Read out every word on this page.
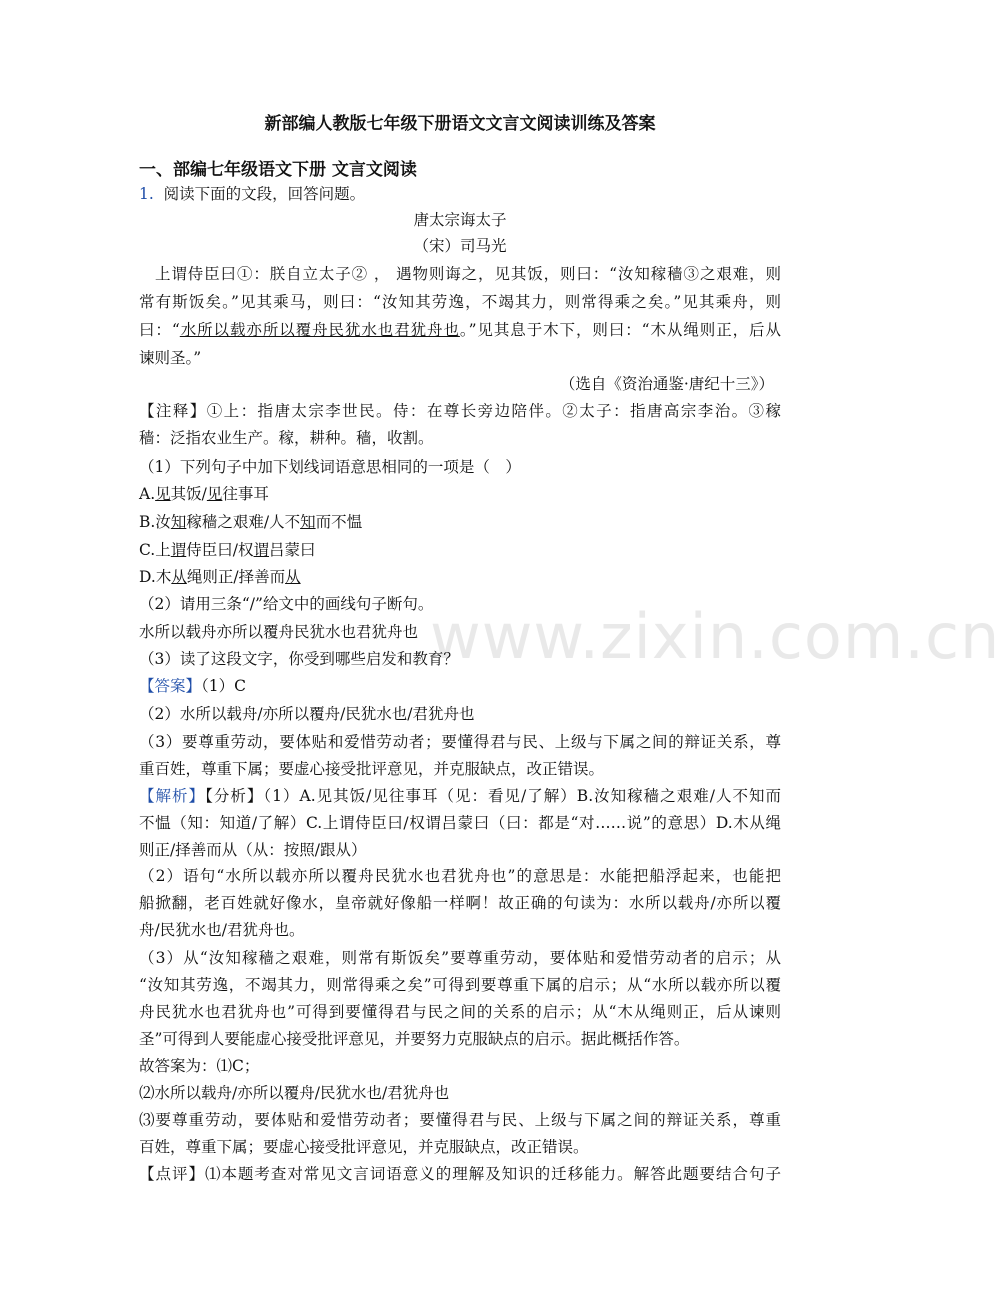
www.zixin.com.cn
新部编人教版七年级下册语文文言文阅读训练及答案
一、部编七年级语文下册 文言文阅读
1. 阅读下面的文段，回答问题。
唐太宗诲太子
（宋）司马光
上谓侍臣曰①：朕自立太子② ， 遇物则诲之，见其饭，则曰：“汝知稼穑③之艰难，则
常有斯饭矣。”见其乘马，则曰：“汝知其劳逸，不竭其力，则常得乘之矣。”见其乘舟，则
曰：“水所以载亦所以覆舟民犹水也君犹舟也。”见其息于木下，则曰：“木从绳则正，后从
谏则圣。”
（选自《资治通鉴·唐纪十三》）
【注释】①上：指唐太宗李世民。侍：在尊长旁边陪伴。②太子：指唐高宗李治。③稼
穑：泛指农业生产。稼，耕种。穑，收割。
（1）下列句子中加下划线词语意思相同的一项是（　）
A.见其饭/见往事耳
B.汝知稼穑之艰难/人不知而不愠
C.上谓侍臣曰/权谓吕蒙曰
D.木从绳则正/择善而从
（2）请用三条“/”给文中的画线句子断句。
水所以载舟亦所以覆舟民犹水也君犹舟也
（3）读了这段文字，你受到哪些启发和教育？
【答案】（1）C
（2）水所以载舟/亦所以覆舟/民犹水也/君犹舟也
（3）要尊重劳动，要体贴和爱惜劳动者；要懂得君与民、上级与下属之间的辩证关系，尊
重百姓，尊重下属；要虚心接受批评意见，并克服缺点，改正错误。
【解析】【分析】（1）A.见其饭/见往事耳（见：看见/了解）B.汝知稼穑之艰难/人不知而
不愠（知：知道/了解）C.上谓侍臣曰/权谓吕蒙曰（曰：都是“对……说”的意思）D.木从绳
则正/择善而从（从：按照/跟从）
（2）语句“水所以载亦所以覆舟民犹水也君犹舟也”的意思是：水能把船浮起来，也能把
船掀翻，老百姓就好像水，皇帝就好像船一样啊！故正确的句读为：水所以载舟/亦所以覆
舟/民犹水也/君犹舟也。
（3）从“汝知稼穑之艰难，则常有斯饭矣”要尊重劳动，要体贴和爱惜劳动者的启示；从
“汝知其劳逸，不竭其力，则常得乘之矣”可得到要尊重下属的启示；从“水所以载亦所以覆
舟民犹水也君犹舟也”可得到要懂得君与民之间的关系的启示；从“木从绳则正，后从谏则
圣”可得到人要能虚心接受批评意见，并要努力克服缺点的启示。据此概括作答。
故答案为：⑴C；
⑵水所以载舟/亦所以覆舟/民犹水也/君犹舟也
⑶要尊重劳动，要体贴和爱惜劳动者；要懂得君与民、上级与下属之间的辩证关系，尊重
百姓，尊重下属；要虚心接受批评意见，并克服缺点，改正错误。
【点评】⑴本题考查对常见文言词语意义的理解及知识的迁移能力。解答此题要结合句子
